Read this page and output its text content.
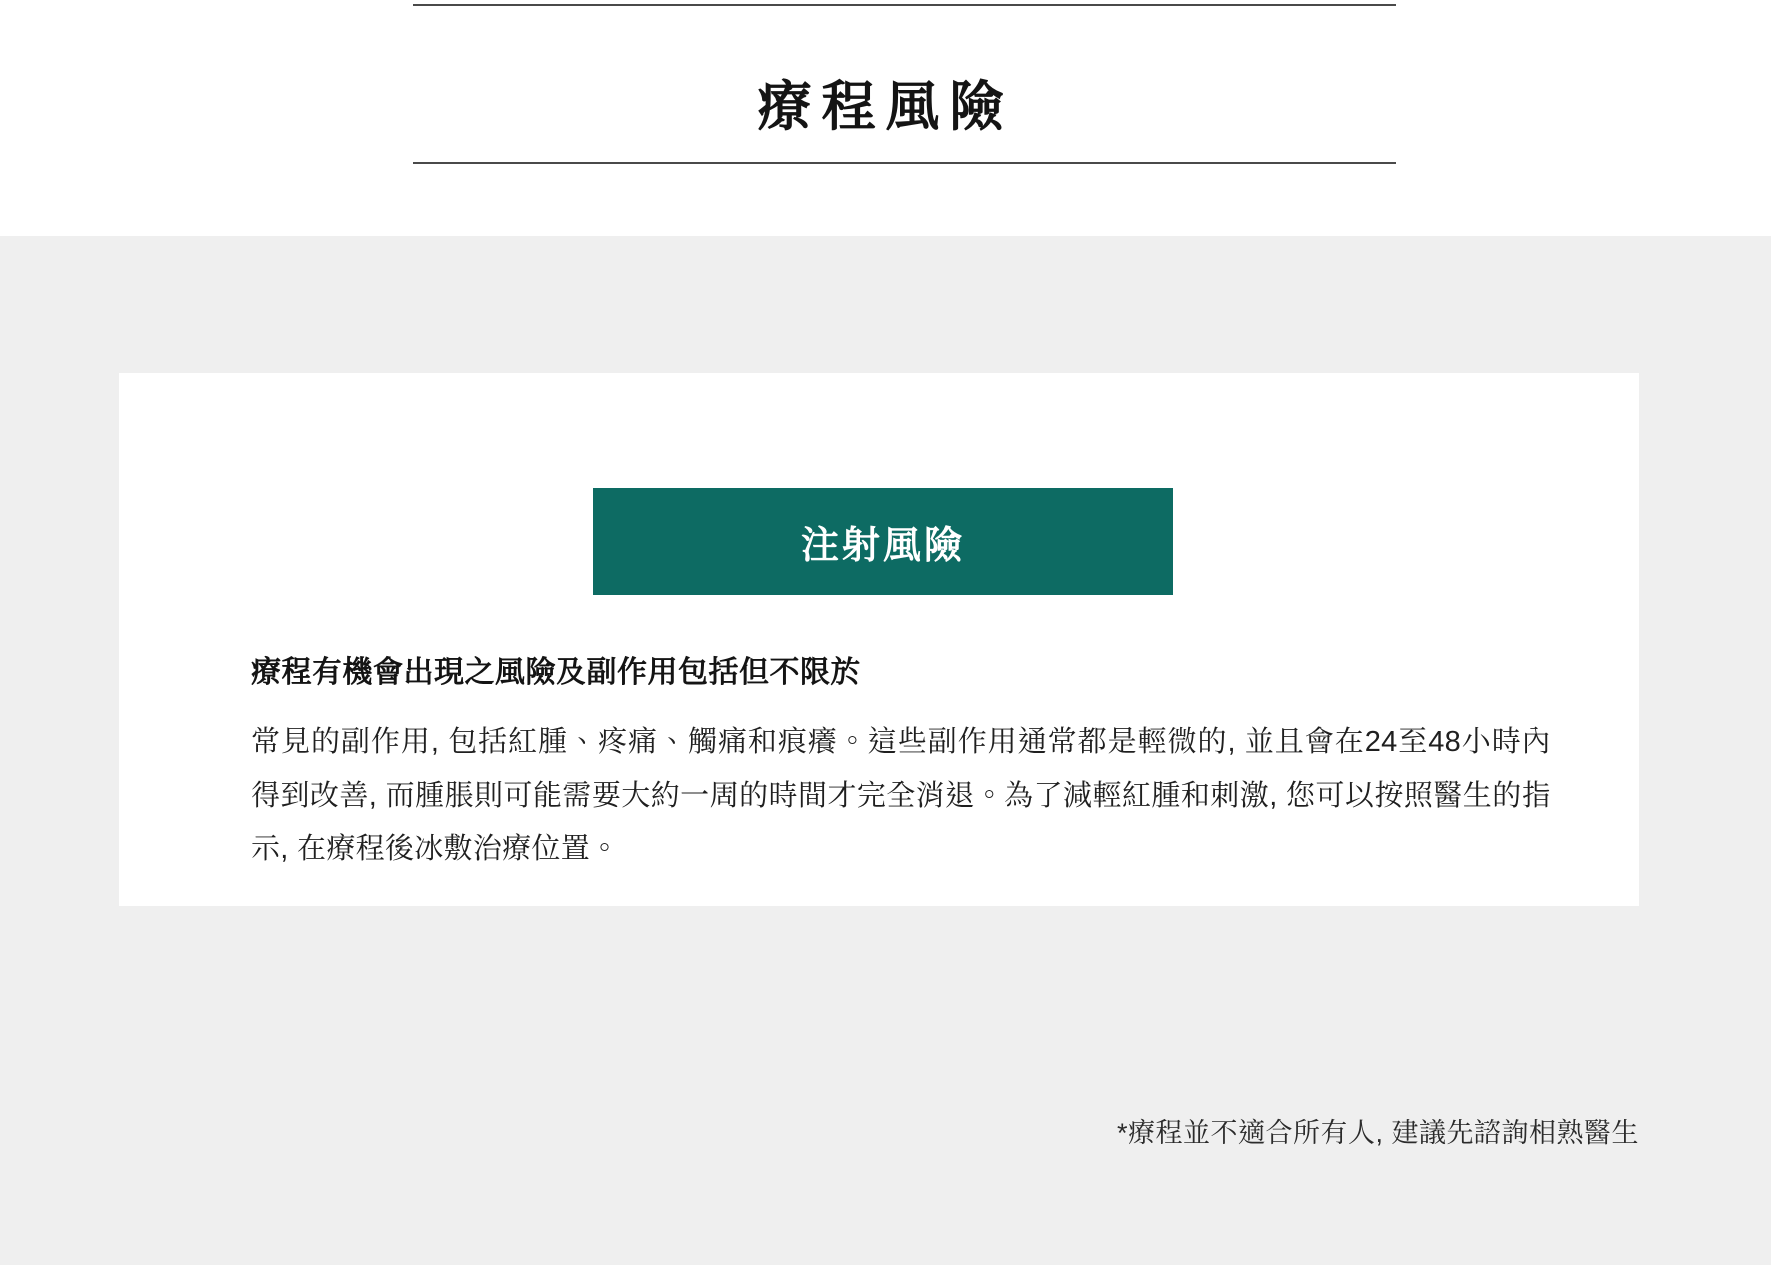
療程風險
注射風險

療程有機會出現之風險及副作用包括但不限於

常見的副作用, 包括紅腫、疼痛、觸痛和痕癢。這些副作用通常都是輕微的, 並且會在24至48小時內得到改善, 而腫脹則可能需要大約一周的時間才完全消退。為了減輕紅腫和刺激, 您可以按照醫生的指示, 在療程後冰敷治療位置。

*療程並不適合所有人, 建議先諮詢相熟醫生
